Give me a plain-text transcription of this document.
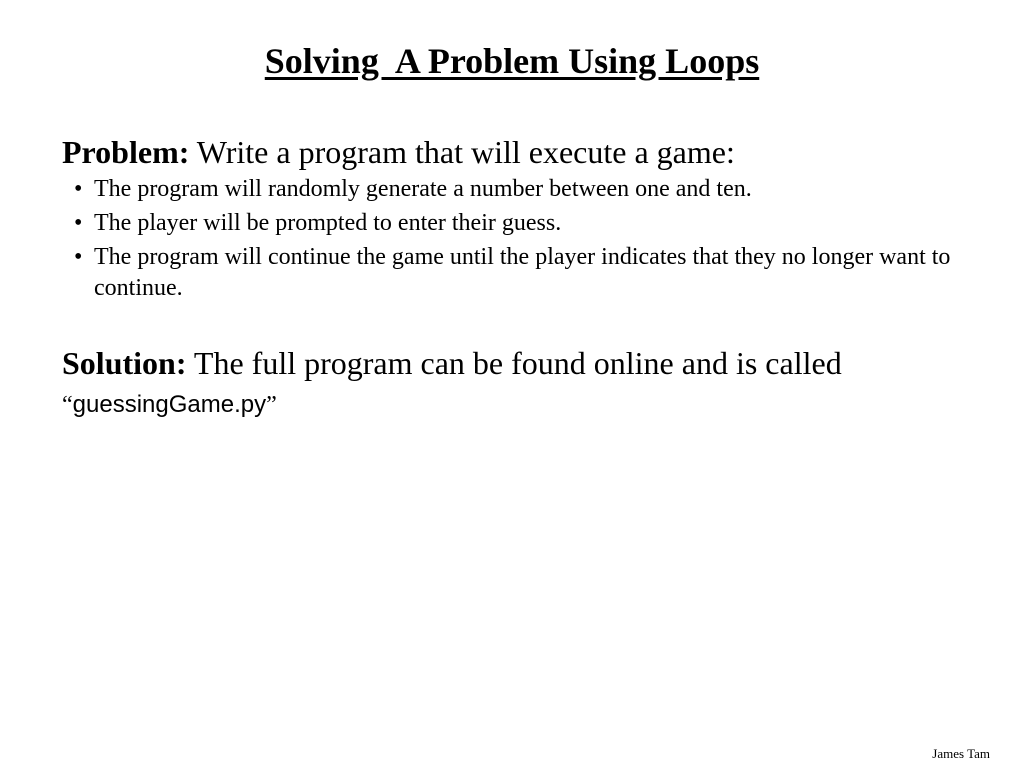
Solving  A Problem Using Loops

Problem: Write a program that will execute a game:

• The program will randomly generate a number between one and ten.
• The player will be prompted to enter their guess.
• The program will continue the game until the player indicates that they no longer want to continue.

Solution: The full program can be found online and is called
“guessingGame.py”

James Tam
